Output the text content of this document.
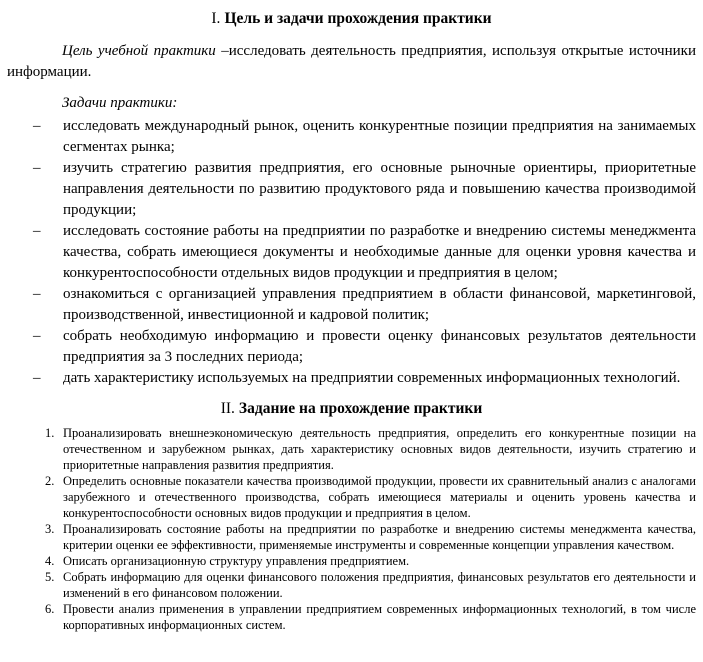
I. Цель и задачи прохождения практики

Цель учебной практики –исследовать деятельность предприятия, используя открытые источники информации.

Задачи практики:

– исследовать международный рынок, оценить конкурентные позиции предприятия на занимаемых сегментах рынка;
– изучить стратегию развития предприятия, его основные рыночные ориентиры, приоритетные направления деятельности по развитию продуктового ряда и повышению качества производимой продукции;
– исследовать состояние работы на предприятии по разработке и внедрению системы менеджмента качества, собрать имеющиеся документы и необходимые данные для оценки уровня качества и конкурентоспособности отдельных видов продукции и предприятия в целом;
– ознакомиться с организацией управления предприятием в области финансовой, маркетинговой, производственной, инвестиционной и кадровой политик;
– собрать необходимую информацию и провести оценку финансовых результатов деятельности предприятия за 3 последних периода;
– дать характеристику используемых на предприятии современных информационных технологий.
II. Задание на прохождение практики
1. Проанализировать внешнеэкономическую деятельность предприятия, определить его конкурентные позиции на отечественном и зарубежном рынках, дать характеристику основных видов деятельности, изучить стратегию и приоритетные направления развития предприятия.
2. Определить основные показатели качества производимой продукции, провести их сравнительный анализ с аналогами зарубежного и отечественного производства, собрать имеющиеся материалы и оценить уровень качества и конкурентоспособности основных видов продукции и предприятия в целом.
3. Проанализировать состояние работы на предприятии по разработке и внедрению системы менеджмента качества, критерии оценки ее эффективности, применяемые инструменты и современные концепции управления качеством.
4. Описать организационную структуру управления предприятием.
5. Собрать информацию для оценки финансового положения предприятия, финансовых результатов его деятельности и изменений в его финансовом положении.
6. Провести анализ применения в управлении предприятием современных информационных технологий, в том числе корпоративных информационных систем.
